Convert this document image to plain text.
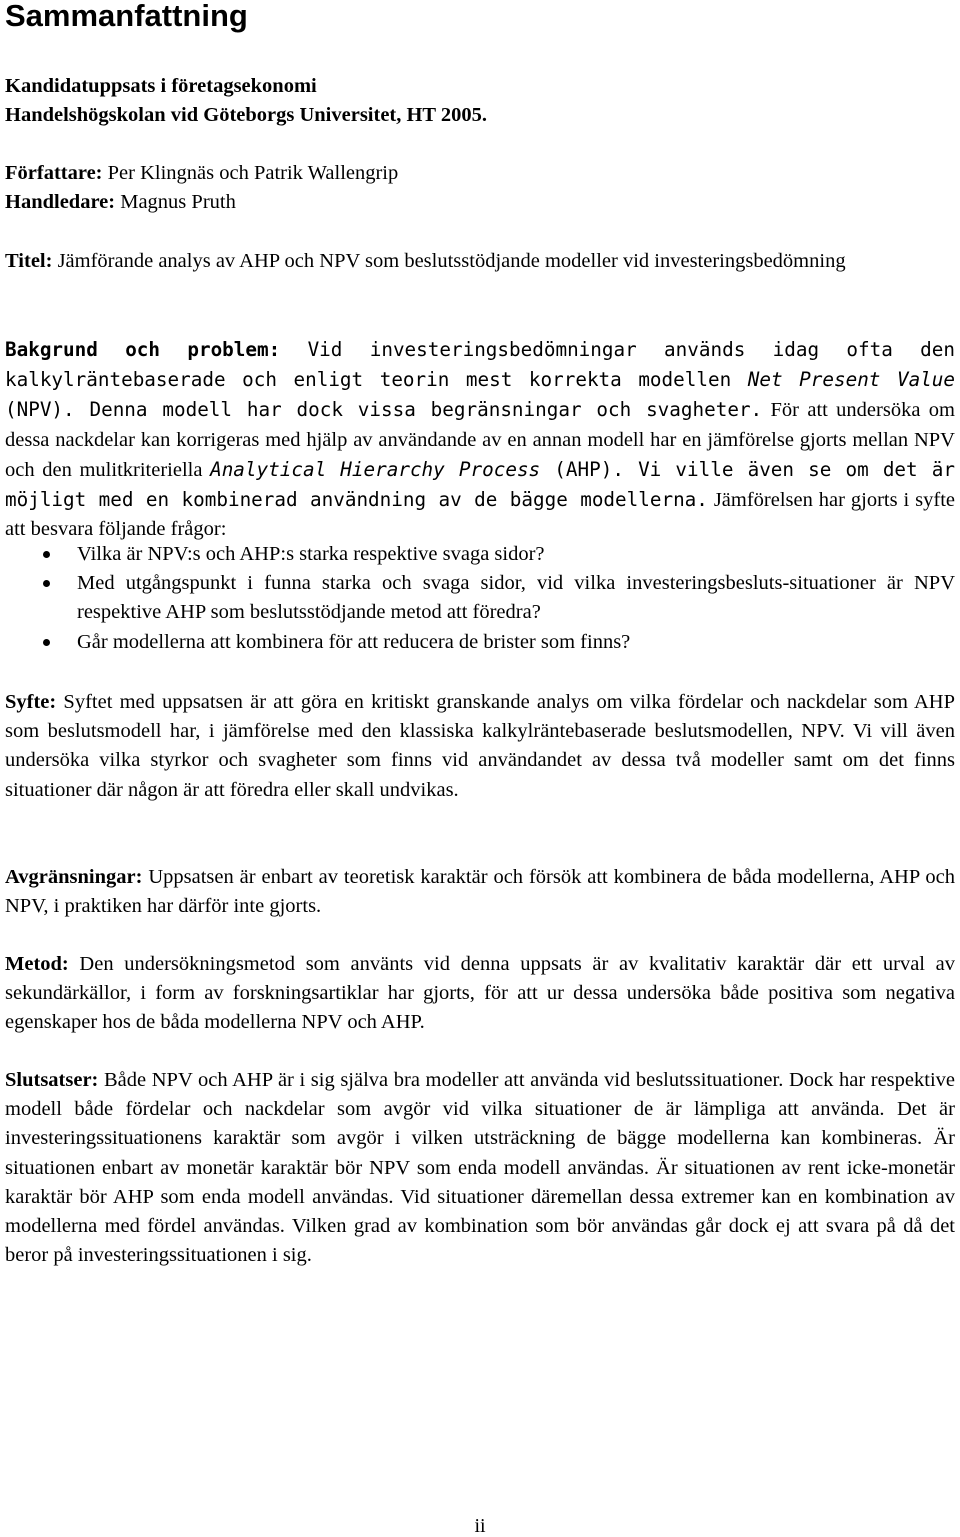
Sammanfattning

Kandidatuppsats i företagsekonomi
Handelshögskolan vid Göteborgs Universitet, HT 2005.

Författare: Per Klingnäs och Patrik Wallengrip
Handledare: Magnus Pruth

Titel: Jämförande analys av AHP och NPV som beslutsstödjande modeller vid investeringsbedömning

Bakgrund och problem: Vid investeringsbedömningar används idag ofta den kalkylräntebaserade och enligt teorin mest korrekta modellen Net Present Value (NPV). Denna modell har dock vissa begränsningar och svagheter. För att undersöka om dessa nackdelar kan korrigeras med hjälp av användande av en annan modell har en jämförelse gjorts mellan NPV och den mulitkriteriella Analytical Hierarchy Process (AHP). Vi ville även se om det är möjligt med en kombinerad användning av de bägge modellerna. Jämförelsen har gjorts i syfte att besvara följande frågor:

Vilka är NPV:s och AHP:s starka respektive svaga sidor?
Med utgångspunkt i funna starka och svaga sidor, vid vilka investeringsbesluts-situationer är NPV respektive AHP som beslutsstödjande metod att föredra?
Går modellerna att kombinera för att reducera de brister som finns?

Syfte: Syftet med uppsatsen är att göra en kritiskt granskande analys om vilka fördelar och nackdelar som AHP som beslutsmodell har, i jämförelse med den klassiska kalkylräntebaserade beslutsmodellen, NPV. Vi vill även undersöka vilka styrkor och svagheter som finns vid användandet av dessa två modeller samt om det finns situationer där någon är att föredra eller skall undvikas.

Avgränsningar: Uppsatsen är enbart av teoretisk karaktär och försök att kombinera de båda modellerna, AHP och NPV, i praktiken har därför inte gjorts.

Metod: Den undersökningsmetod som använts vid denna uppsats är av kvalitativ karaktär där ett urval av sekundärkällor, i form av forskningsartiklar har gjorts, för att ur dessa undersöka både positiva som negativa egenskaper hos de båda modellerna NPV och AHP.

Slutsatser: Både NPV och AHP är i sig själva bra modeller att använda vid beslutssituationer. Dock har respektive modell både fördelar och nackdelar som avgör vid vilka situationer de är lämpliga att använda. Det är investeringssituationens karaktär som avgör i vilken utsträckning de bägge modellerna kan kombineras. Är situationen enbart av monetär karaktär bör NPV som enda modell användas. Är situationen av rent icke-monetär karaktär bör AHP som enda modell användas. Vid situationer däremellan dessa extremer kan en kombination av modellerna med fördel användas. Vilken grad av kombination som bör användas går dock ej att svara på då det beror på investeringssituationen i sig.

ii
